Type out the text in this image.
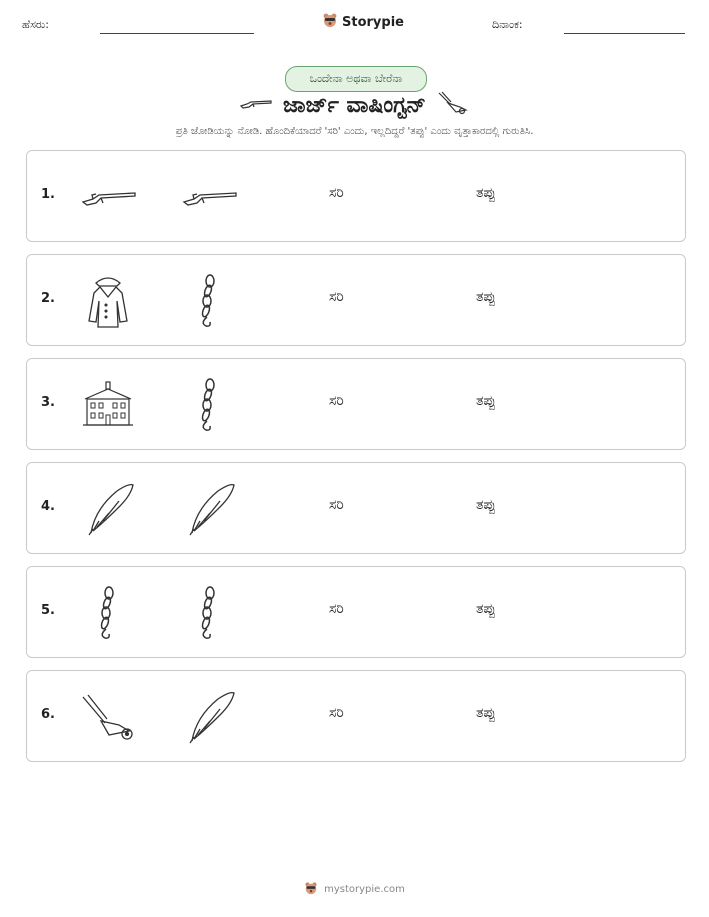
ಹೆಸರು:	Storypie	ದಿನಾಂಕ:
ಒಂದೇನಾ ಅಥವಾ ಬೇರೆನಾ
ಜಾರ್ಜ್ ವಾಷಿಂಗ್ಟನ್
ಪ್ರತಿ ಜೋಡಿಯನ್ನು ನೋಡಿ. ಹೊಂದಿಕೆಯಾದರೆ 'ಸರಿ' ಎಂದು, ಇಲ್ಲದಿದ್ದರೆ 'ತಪ್ಪು' ಎಂದು ವೃತ್ತಾಕಾರದಲ್ಲಿ ಗುರುತಿಸಿ.
1.	ಸರಿ	ತಪ್ಪು
2.	ಸರಿ	ತಪ್ಪು
3.	ಸರಿ	ತಪ್ಪು
4.	ಸರಿ	ತಪ್ಪು
5.	ಸರಿ	ತಪ್ಪು
6.	ಸರಿ	ತಪ್ಪು
mystorypie.com
